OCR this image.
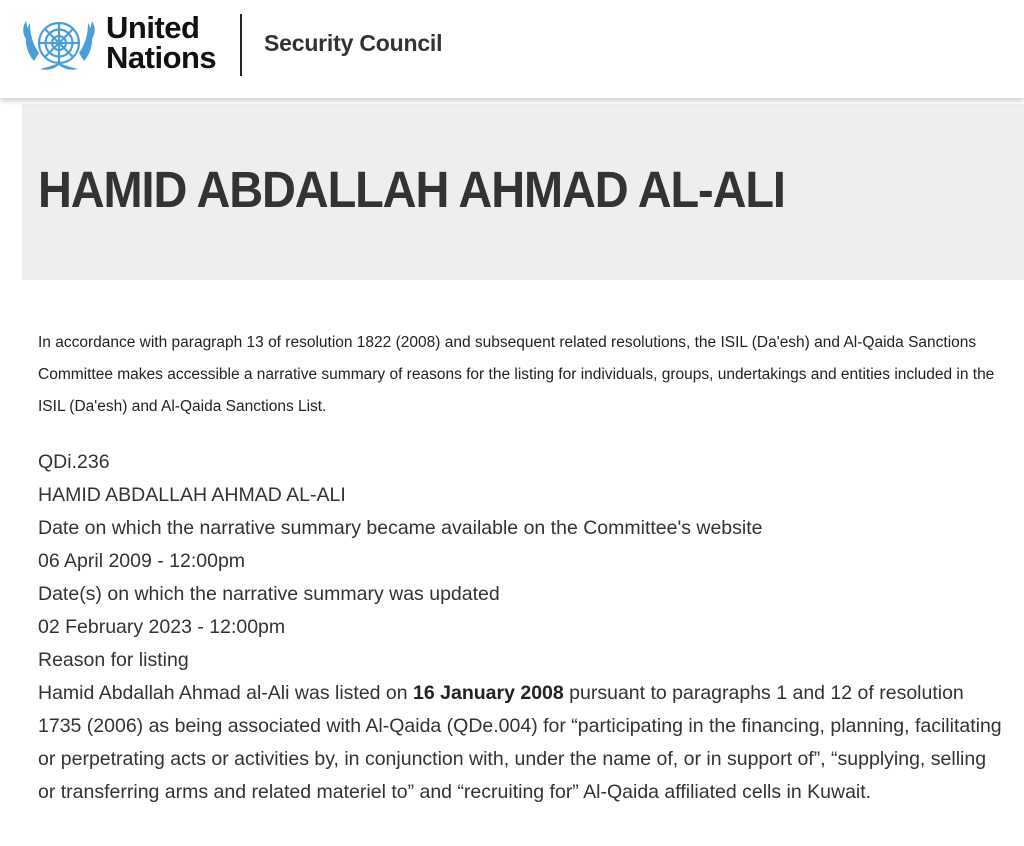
United
Nations Security Council
HAMID ABDALLAH AHMAD AL-ALI

In accordance with paragraph 13 of resolution 1822 (2008) and subsequent related resolutions, the ISIL (Da'esh) and Al-Qaida Sanctions Committee makes accessible a narrative summary of reasons for the listing for individuals, groups, undertakings and entities included in the ISIL (Da'esh) and Al-Qaida Sanctions List.

QDi.236
HAMID ABDALLAH AHMAD AL-ALI
Date on which the narrative summary became available on the Committee's website
06 April 2009 - 12:00pm
Date(s) on which the narrative summary was updated
02 February 2023 - 12:00pm
Reason for listing
Hamid Abdallah Ahmad al-Ali was listed on 16 January 2008 pursuant to paragraphs 1 and 12 of resolution 1735 (2006) as being associated with Al-Qaida (QDe.004) for “participating in the financing, planning, facilitating or perpetrating acts or activities by, in conjunction with, under the name of, or in support of”, “supplying, selling or transferring arms and related materiel to” and “recruiting for” Al-Qaida affiliated cells in Kuwait.
